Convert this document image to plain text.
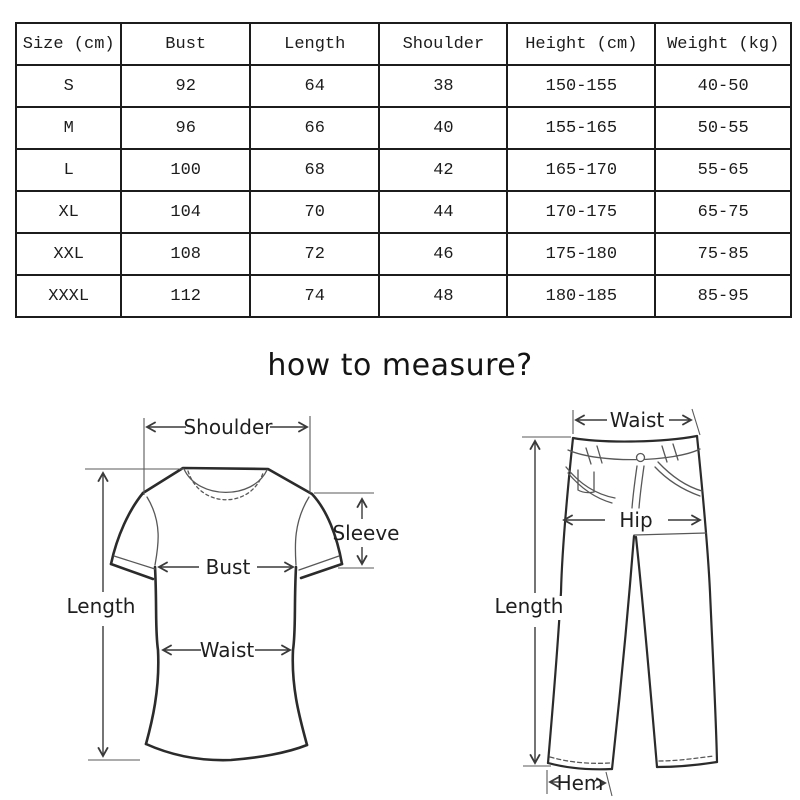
Size (cm)	Bust	Length	Shoulder	Height (cm)	Weight (kg)
S	92	64	38	150-155	40-50
M	96	66	40	155-165	50-55
L	100	68	42	165-170	55-65
XL	104	70	44	170-175	65-75
XXL	108	72	46	175-180	75-85
XXXL	112	74	48	180-185	85-95
how to measure?
Shoulder
Sleeve
Bust
Waist
Length
Waist
Hip
Length
Hem
